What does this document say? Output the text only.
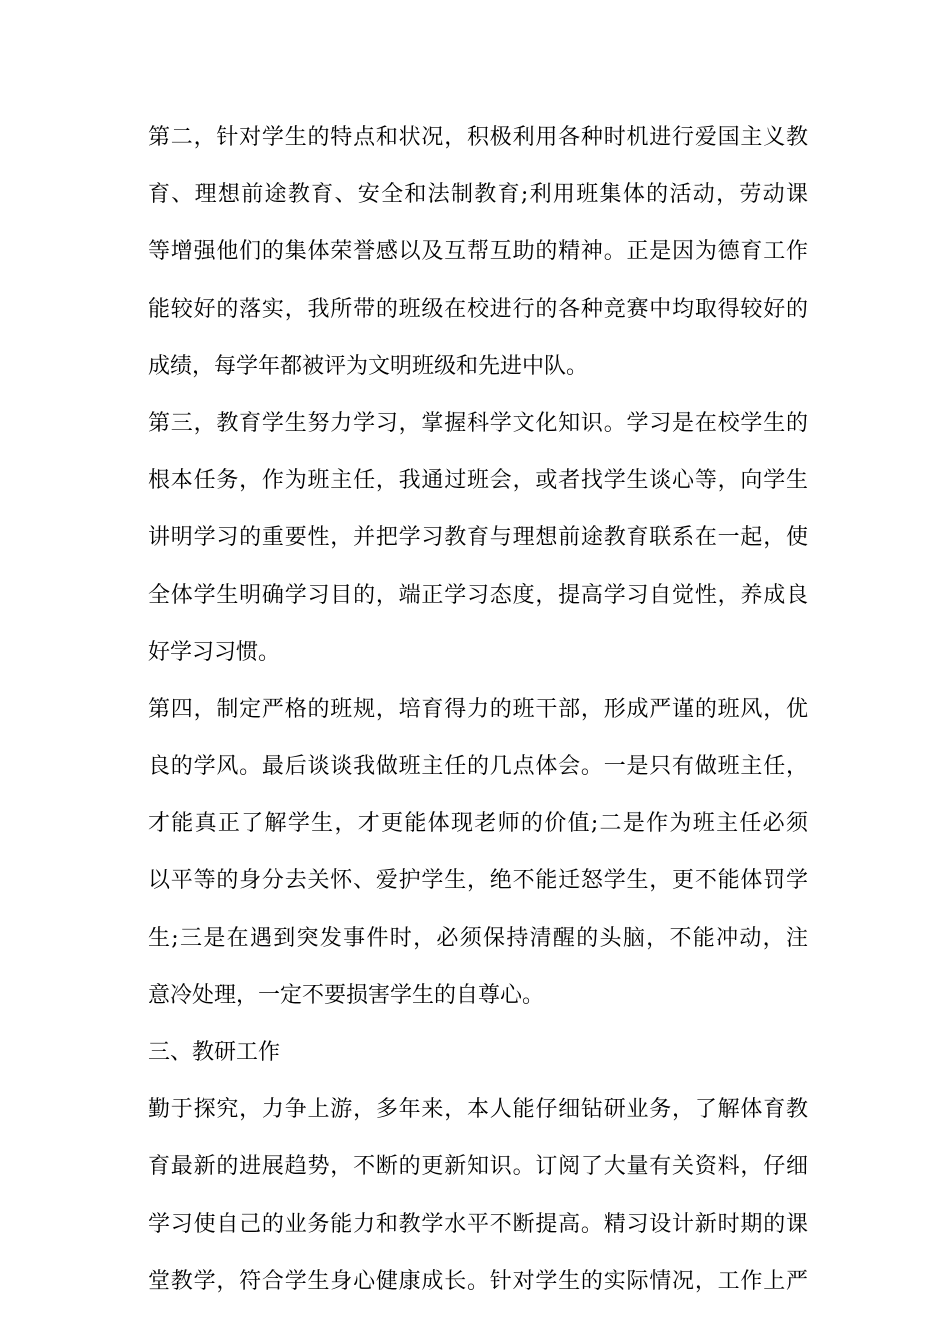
第二，针对学生的特点和状况，积极利用各种时机进行爱国主义教
育、理想前途教育、安全和法制教育;利用班集体的活动，劳动课
等增强他们的集体荣誉感以及互帮互助的精神。正是因为德育工作
能较好的落实，我所带的班级在校进行的各种竞赛中均取得较好的
成绩，每学年都被评为文明班级和先进中队。
第三，教育学生努力学习，掌握科学文化知识。学习是在校学生的
根本任务，作为班主任，我通过班会，或者找学生谈心等，向学生
讲明学习的重要性，并把学习教育与理想前途教育联系在一起，使
全体学生明确学习目的，端正学习态度，提高学习自觉性，养成良
好学习习惯。
第四，制定严格的班规，培育得力的班干部，形成严谨的班风，优
良的学风。最后谈谈我做班主任的几点体会。一是只有做班主任，
才能真正了解学生，才更能体现老师的价值;二是作为班主任必须
以平等的身分去关怀、爱护学生，绝不能迁怒学生，更不能体罚学
生;三是在遇到突发事件时，必须保持清醒的头脑，不能冲动，注
意冷处理，一定不要损害学生的自尊心。
三、教研工作
勤于探究，力争上游，多年来，本人能仔细钻研业务，了解体育教
育最新的进展趋势，不断的更新知识。订阅了大量有关资料，仔细
学习使自己的业务能力和教学水平不断提高。精习设计新时期的课
堂教学，符合学生身心健康成长。针对学生的实际情况，工作上严
